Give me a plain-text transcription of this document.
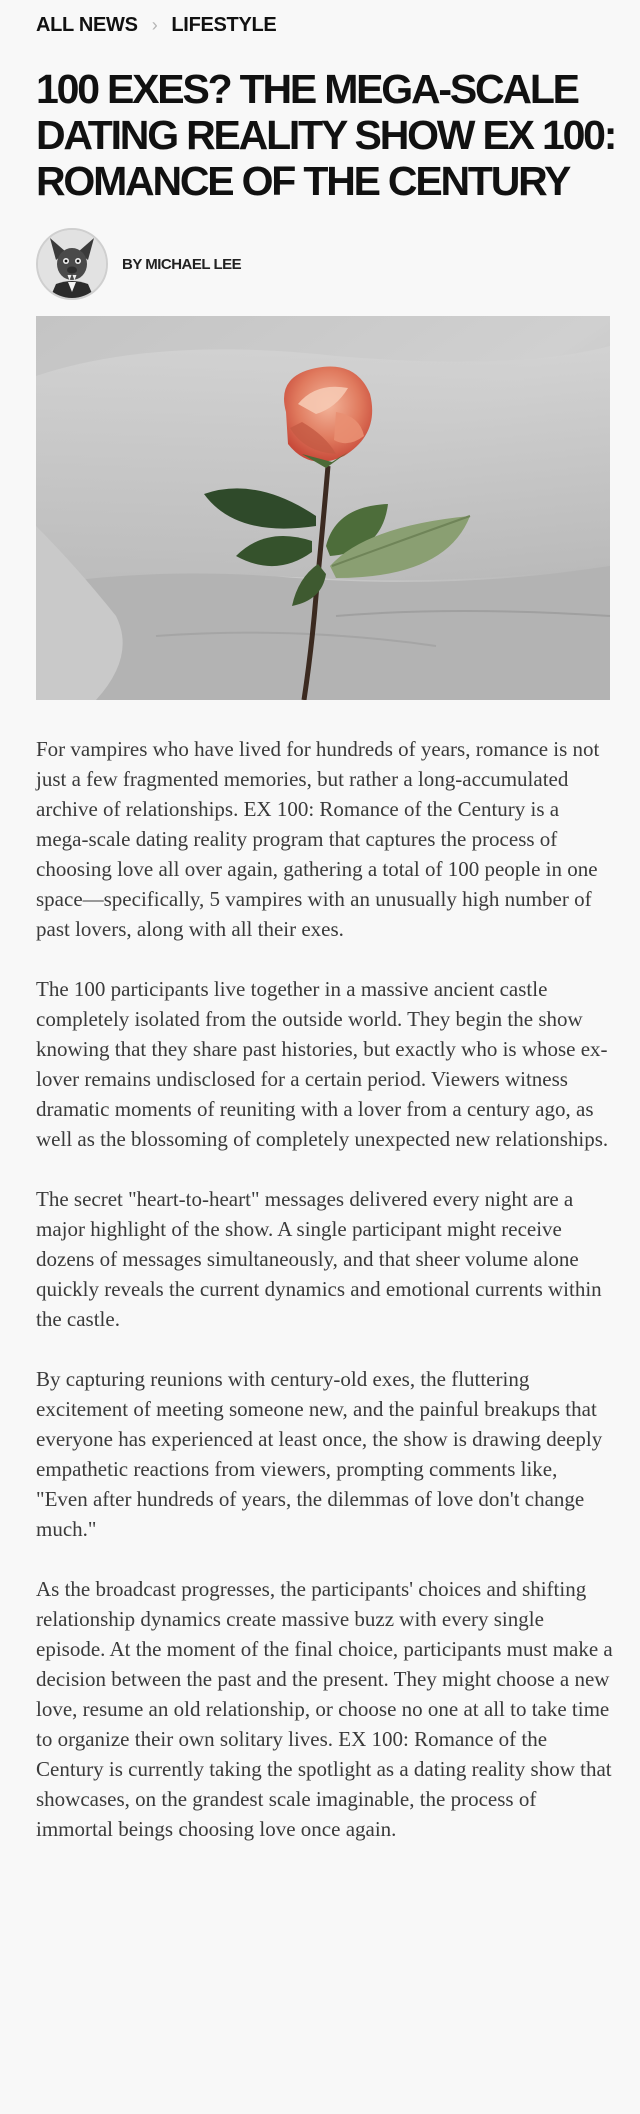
ALL NEWS › LIFESTYLE
100 EXES? THE MEGA-SCALE DATING REALITY SHOW EX 100: ROMANCE OF THE CENTURY
BY MICHAEL LEE

For vampires who have lived for hundreds of years, romance is not just a few fragmented memories, but rather a long-accumulated archive of relationships. EX 100: Romance of the Century is a mega-scale dating reality program that captures the process of choosing love all over again, gathering a total of 100 people in one space—specifically, 5 vampires with an unusually high number of past lovers, along with all their exes.

The 100 participants live together in a massive ancient castle completely isolated from the outside world. They begin the show knowing that they share past histories, but exactly who is whose ex-lover remains undisclosed for a certain period. Viewers witness dramatic moments of reuniting with a lover from a century ago, as well as the blossoming of completely unexpected new relationships.

The secret "heart-to-heart" messages delivered every night are a major highlight of the show. A single participant might receive dozens of messages simultaneously, and that sheer volume alone quickly reveals the current dynamics and emotional currents within the castle.

By capturing reunions with century-old exes, the fluttering excitement of meeting someone new, and the painful breakups that everyone has experienced at least once, the show is drawing deeply empathetic reactions from viewers, prompting comments like, "Even after hundreds of years, the dilemmas of love don't change much."

As the broadcast progresses, the participants' choices and shifting relationship dynamics create massive buzz with every single episode. At the moment of the final choice, participants must make a decision between the past and the present. They might choose a new love, resume an old relationship, or choose no one at all to take time to organize their own solitary lives. EX 100: Romance of the Century is currently taking the spotlight as a dating reality show that showcases, on the grandest scale imaginable, the process of immortal beings choosing love once again.
